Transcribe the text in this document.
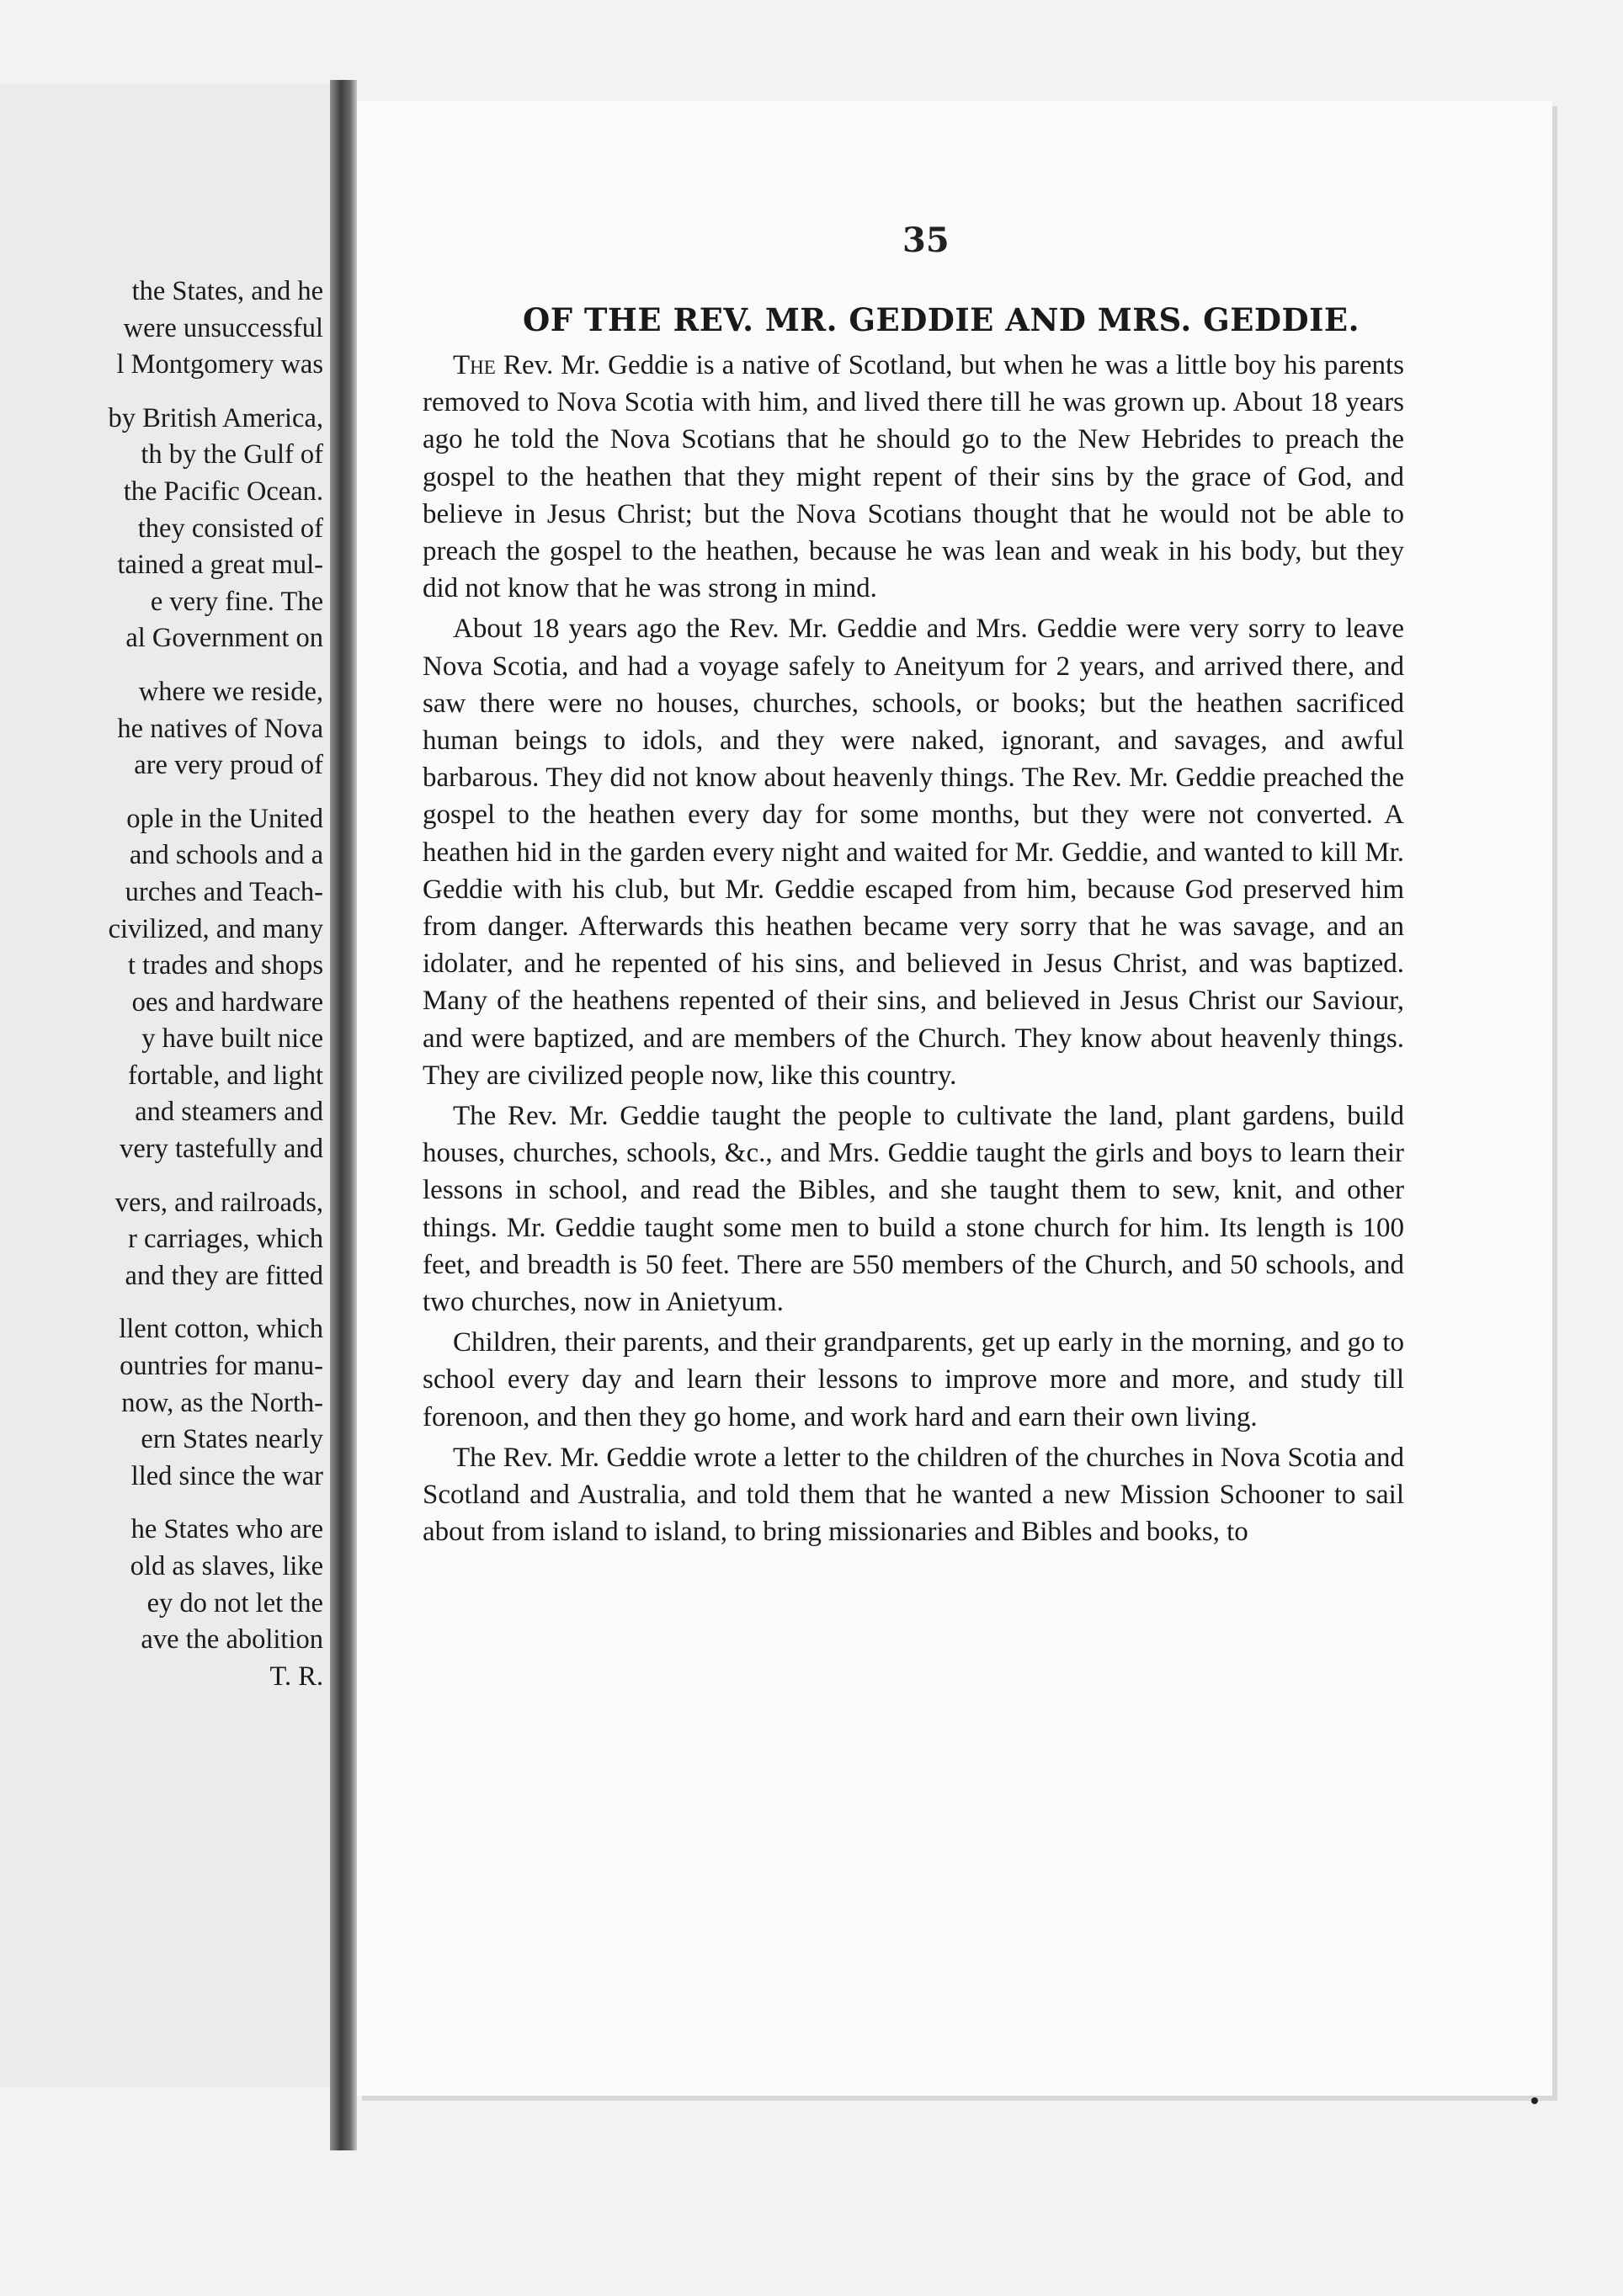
the States, and he
were unsuccessful
l Montgomery was
by British America,
th by the Gulf of
the Pacific Ocean.
they consisted of
tained a great mul-
e very fine. The
al Government on
where we reside,
he natives of Nova
are very proud of
ople in the United
and schools and a
urches and Teach-
civilized, and many
t trades and shops
oes and hardware
y have built nice
fortable, and light
and steamers and
very tastefully and
vers, and railroads,
r carriages, which
and they are fitted
llent cotton, which
ountries for manu-
now, as the North-
ern States nearly
lled since the war
he States who are
old as slaves, like
ey do not let the
ave the abolition
T. R.
35
OF THE REV. MR. GEDDIE AND MRS. GEDDIE.

The Rev. Mr. Geddie is a native of Scotland, but when he was a little boy his parents removed to Nova Scotia with him, and lived there till he was grown up. About 18 years ago he told the Nova Scotians that he should go to the New Hebrides to preach the gospel to the heathen that they might repent of their sins by the grace of God, and believe in Jesus Christ; but the Nova Scotians thought that he would not be able to preach the gospel to the heathen, because he was lean and weak in his body, but they did not know that he was strong in mind.

About 18 years ago the Rev. Mr. Geddie and Mrs. Geddie were very sorry to leave Nova Scotia, and had a voyage safely to Aneityum for 2 years, and arrived there, and saw there were no houses, churches, schools, or books; but the heathen sacrificed human beings to idols, and they were naked, ignorant, and savages, and awful barbarous. They did not know about heavenly things. The Rev. Mr. Geddie preached the gospel to the heathen every day for some months, but they were not converted. A heathen hid in the garden every night and waited for Mr. Geddie, and wanted to kill Mr. Geddie with his club, but Mr. Geddie escaped from him, because God preserved him from danger. Afterwards this heathen became very sorry that he was savage, and an idolater, and he repented of his sins, and believed in Jesus Christ, and was baptized. Many of the heathens repented of their sins, and believed in Jesus Christ our Saviour, and were baptized, and are members of the Church. They know about heavenly things. They are civilized people now, like this country.

The Rev. Mr. Geddie taught the people to cultivate the land, plant gardens, build houses, churches, schools, &c., and Mrs. Geddie taught the girls and boys to learn their lessons in school, and read the Bibles, and she taught them to sew, knit, and other things. Mr. Geddie taught some men to build a stone church for him. Its length is 100 feet, and breadth is 50 feet. There are 550 members of the Church, and 50 schools, and two churches, now in Anietyum.

Children, their parents, and their grandparents, get up early in the morning, and go to school every day and learn their lessons to improve more and more, and study till forenoon, and then they go home, and work hard and earn their own living.

The Rev. Mr. Geddie wrote a letter to the children of the churches in Nova Scotia and Scotland and Australia, and told them that he wanted a new Mission Schooner to sail about from island to island, to bring missionaries and Bibles and books, to
